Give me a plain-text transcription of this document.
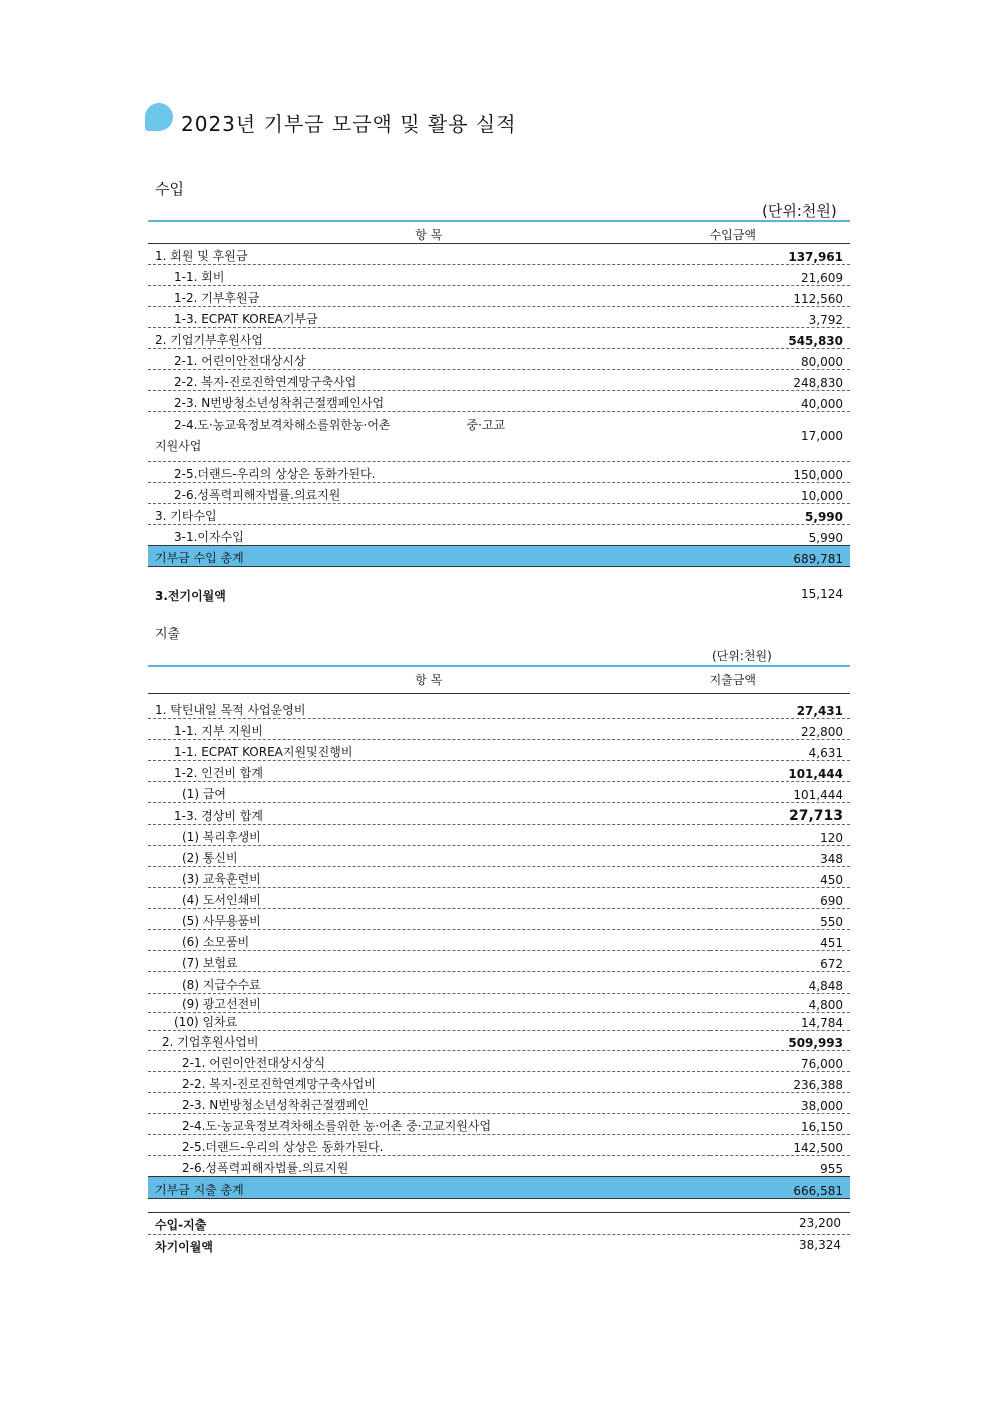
2023년 기부금 모금액 및 활용 실적
수입
(단위:천원)
항 목	수입금액
1. 회원 및 후원금	137,961
1-1. 회비	21,609
1-2. 기부후원금	112,560
1-3. ECPAT KOREA기부금	3,792
2. 기업기부후원사업	545,830
2-1. 어린이안전대상시상	80,000
2-2. 복지-진로진학연계망구축사업	248,830
2-3. N번방청소년성착취근절캠페인사업	40,000

2-4.도·농교육정보격차해소를위한농·어촌 중·고교
지원사업	17,000
2-5.더랜드-우리의 상상은 동화가된다.	150,000
2-6.성폭력피해자법률.의료지원	10,000
3. 기타수입	5,990
3-1.이자수입	5,990
기부금 수입 총계	689,781
3.전기이월액	15,124
지출
(단위:천원)
항 목	지출금액
1. 탁틴내일 목적 사업운영비	27,431
1-1. 지부 지원비	22,800
1-1. ECPAT KOREA지원및진행비	4,631
1-2. 인건비 합계	101,444
(1) 급여	101,444
1-3. 경상비 합계	27,713
(1) 복리후생비	120
(2) 통신비	348
(3) 교육훈련비	450
(4) 도서인쇄비	690
(5) 사무용품비	550
(6) 소모품비	451
(7) 보험료	672
(8) 지급수수료	4,848
(9) 광고선전비	4,800
(10) 임차료	14,784
2. 기업후원사업비	509,993
2-1. 어린이안전대상시상식	76,000
2-2. 복지-진로진학연계망구축사업비	236,388
2-3. N번방청소년성착취근절캠페인	38,000
2-4.도·농교육정보격차해소를위한 농·어촌 중·고교지원사업	16,150
2-5.더랜드-우리의 상상은 동화가된다.	142,500
2-6.성폭력피해자법률.의료지원	955
기부금 지출 총계	666,581
수입-지출	23,200
차기이월액	38,324
